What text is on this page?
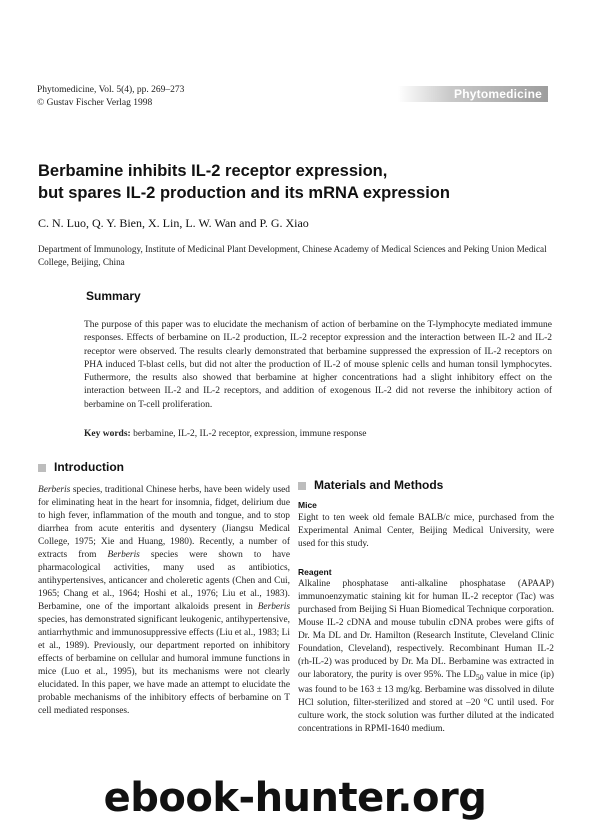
Phytomedicine, Vol. 5(4), pp. 269–273
© Gustav Fischer Verlag 1998
Phytomedicine
Berbamine inhibits IL-2 receptor expression,
but spares IL-2 production and its mRNA expression
C. N. Luo, Q. Y. Bien, X. Lin, L. W. Wan and P. G. Xiao
Department of Immunology, Institute of Medicinal Plant Development, Chinese Academy of Medical Sciences and Peking Union Medical College, Beijing, China
Summary
The purpose of this paper was to elucidate the mechanism of action of berbamine on the T-lymphocyte mediated immune responses. Effects of berbamine on IL-2 production, IL-2 receptor expression and the interaction between IL-2 and IL-2 receptor were observed. The results clearly demonstrated that berbamine suppressed the expression of IL-2 receptors on PHA induced T-blast cells, but did not alter the production of IL-2 of mouse splenic cells and human tonsil lymphocytes. Futhermore, the results also showed that berbamine at higher concentrations had a slight inhibitory effect on the interaction between IL-2 and IL-2 receptors, and addition of exogenous IL-2 did not reverse the inhibitory action of berbamine on T-cell proliferation.
Key words: berbamine, IL-2, IL-2 receptor, expression, immune response
Introduction
Berberis species, traditional Chinese herbs, have been widely used for eliminating heat in the heart for insomnia, fidget, delirium due to high fever, inflammation of the mouth and tongue, and to stop diarrhea from acute enteritis and dysentery (Jiangsu Medical College, 1975; Xie and Huang, 1980). Recently, a number of extracts from Berberis species were shown to have pharmacological activities, many used as antibiotics, antihypertensives, anticancer and choleretic agents (Chen and Cui, 1965; Chang et al., 1964; Hoshi et al., 1976; Liu et al., 1983). Berbamine, one of the important alkaloids present in Berberis species, has demonstrated significant leukogenic, antihypertensive, antiarrhythmic and immunosuppressive effects (Liu et al., 1983; Li et al., 1989). Previously, our department reported on inhibitory effects of berbamine on cellular and humoral immune functions in mice (Luo et al., 1995), but its mechanisms were not clearly elucidated. In this paper, we have made an attempt to elucidate the probable mechanisms of the inhibitory effects of berbamine on T cell mediated responses.
Materials and Methods
Mice
Eight to ten week old female BALB/c mice, purchased from the Experimental Animal Center, Beijing Medical University, were used for this study.
Reagent
Alkaline phosphatase anti-alkaline phosphatase (APAAP) immunoenzymatic staining kit for human IL-2 receptor (Tac) was purchased from Beijing Si Huan Biomedical Technique corporation. Mouse IL-2 cDNA and mouse tubulin cDNA probes were gifts of Dr. Ma DL and Dr. Hamilton (Research Institute, Cleveland Clinic Foundation, Cleveland), respectively. Recombinant Human IL-2 (rh-IL-2) was produced by Dr. Ma DL. Berbamine was extracted in our laboratory, the purity is over 95%. The $LD_{50}$ value in mice (ip) was found to be 163 ± 13 mg/kg. Berbamine was dissolved in dilute HCl solution, filter-sterilized and stored at –20 °C until used. For culture work, the stock solution was further diluted at the indicated concentrations in RPMI-1640 medium.
ebook-hunter.org
